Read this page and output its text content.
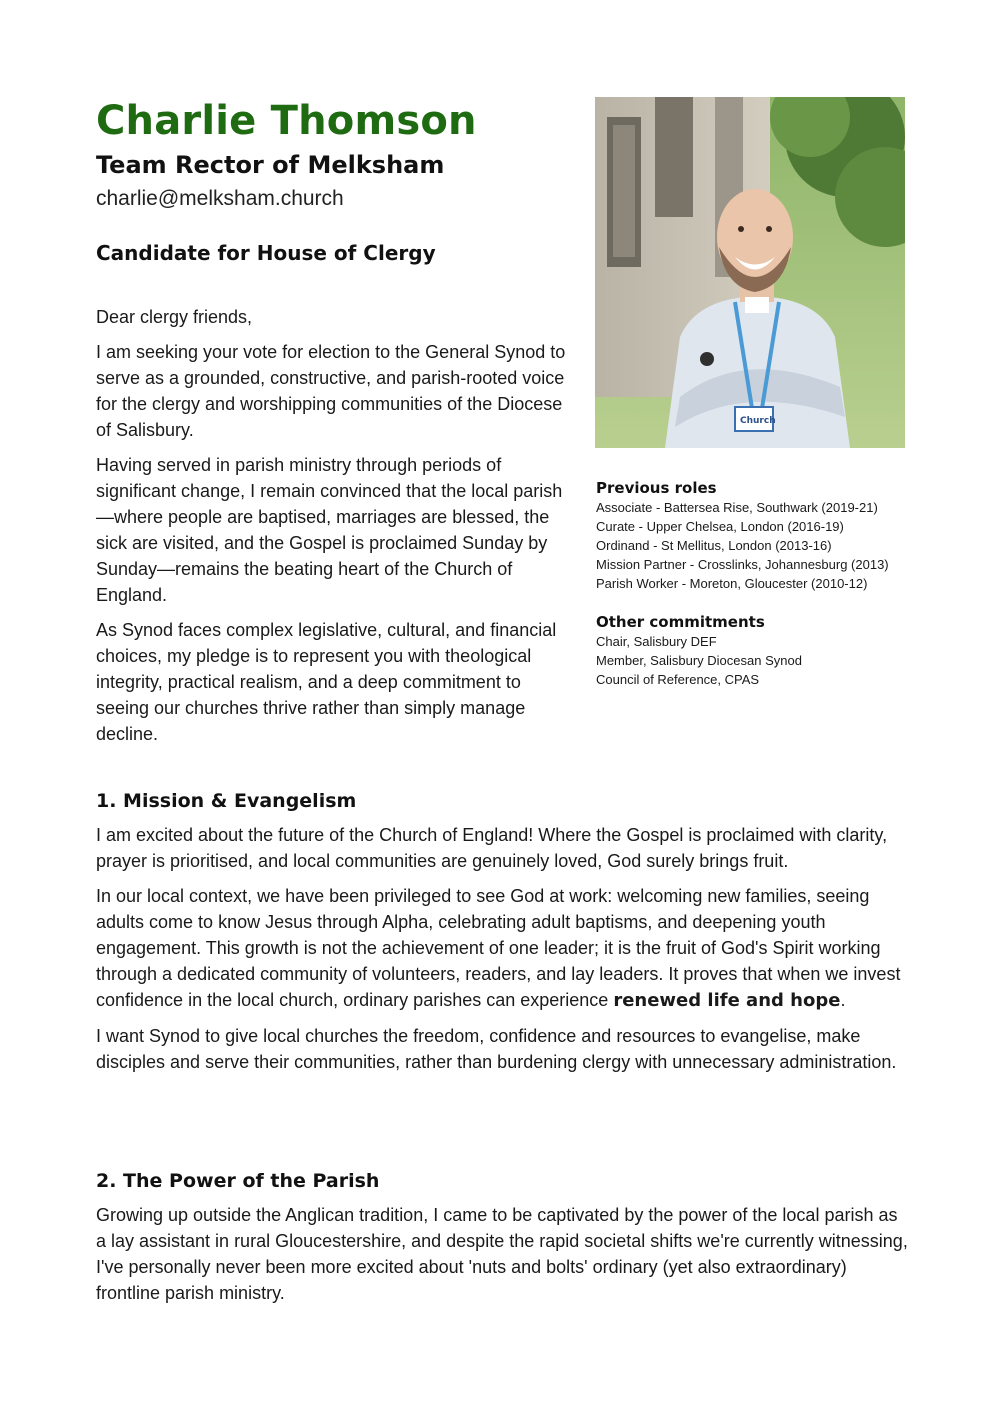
Charlie Thomson
Team Rector of Melksham
charlie@melksham.church
Candidate for House of Clergy

Dear clergy friends,

I am seeking your vote for election to the General Synod to serve as a grounded, constructive, and parish-rooted voice for the clergy and worshipping communities of the Diocese of Salisbury.

Having served in parish ministry through periods of significant change, I remain convinced that the local parish—where people are baptised, marriages are blessed, the sick are visited, and the Gospel is proclaimed Sunday by Sunday—remains the beating heart of the Church of England.

As Synod faces complex legislative, cultural, and financial choices, my pledge is to represent you with theological integrity, practical realism, and a deep commitment to seeing our churches thrive rather than simply manage decline.

Church
Previous roles
Associate - Battersea Rise, Southwark (2019-21)
Curate - Upper Chelsea, London (2016-19)
Ordinand - St Mellitus, London (2013-16)
Mission Partner - Crosslinks, Johannesburg (2013)
Parish Worker - Moreton, Gloucester (2010-12)
Other commitments
Chair, Salisbury DEF
Member, Salisbury Diocesan Synod
Council of Reference, CPAS
1. Mission & Evangelism

I am excited about the future of the Church of England! Where the Gospel is proclaimed with clarity, prayer is prioritised, and local communities are genuinely loved, God surely brings fruit.

In our local context, we have been privileged to see God at work: welcoming new families, seeing adults come to know Jesus through Alpha, celebrating adult baptisms, and deepening youth engagement. This growth is not the achievement of one leader; it is the fruit of God's Spirit working through a dedicated community of volunteers, readers, and lay leaders. It proves that when we invest confidence in the local church, ordinary parishes can experience renewed life and hope.

I want Synod to give local churches the freedom, confidence and resources to evangelise, make disciples and serve their communities, rather than burdening clergy with unnecessary administration.

2. The Power of the Parish

Growing up outside the Anglican tradition, I came to be captivated by the power of the local parish as a lay assistant in rural Gloucestershire, and despite the rapid societal shifts we're currently witnessing, I've personally never been more excited about 'nuts and bolts' ordinary (yet also extraordinary) frontline parish ministry.
